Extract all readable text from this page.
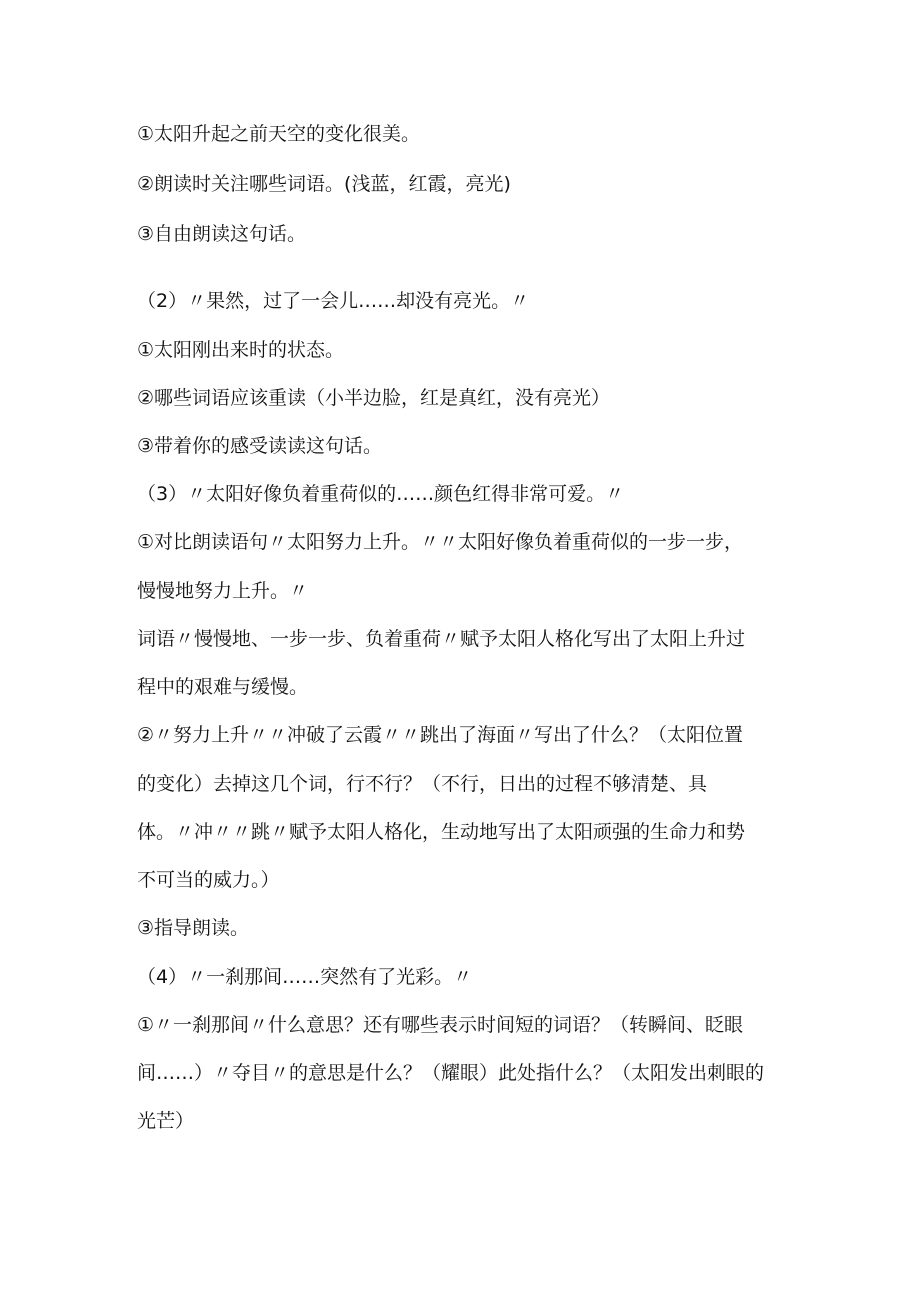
①太阳升起之前天空的变化很美。
②朗读时关注哪些词语。(浅蓝，红霞，亮光)
③自由朗读这句话。
（2）〃果然，过了一会儿……却没有亮光。〃
①太阳刚出来时的状态。
②哪些词语应该重读（小半边脸，红是真红，没有亮光）
③带着你的感受读读这句话。
（3）〃太阳好像负着重荷似的……颜色红得非常可爱。〃
①对比朗读语句〃太阳努力上升。〃〃太阳好像负着重荷似的一步一步，
慢慢地努力上升。〃
词语〃慢慢地、一步一步、负着重荷〃赋予太阳人格化写出了太阳上升过
程中的艰难与缓慢。
②〃努力上升〃〃冲破了云霞〃〃跳出了海面〃写出了什么？（太阳位置
的变化）去掉这几个词，行不行？（不行，日出的过程不够清楚、具
体。〃冲〃〃跳〃赋予太阳人格化，生动地写出了太阳顽强的生命力和势
不可当的威力。）
③指导朗读。
（4）〃一刹那间……突然有了光彩。〃
①〃一刹那间〃什么意思？还有哪些表示时间短的词语？（转瞬间、眨眼
间……）〃夺目〃的意思是什么？（耀眼）此处指什么？（太阳发出刺眼的
光芒）
